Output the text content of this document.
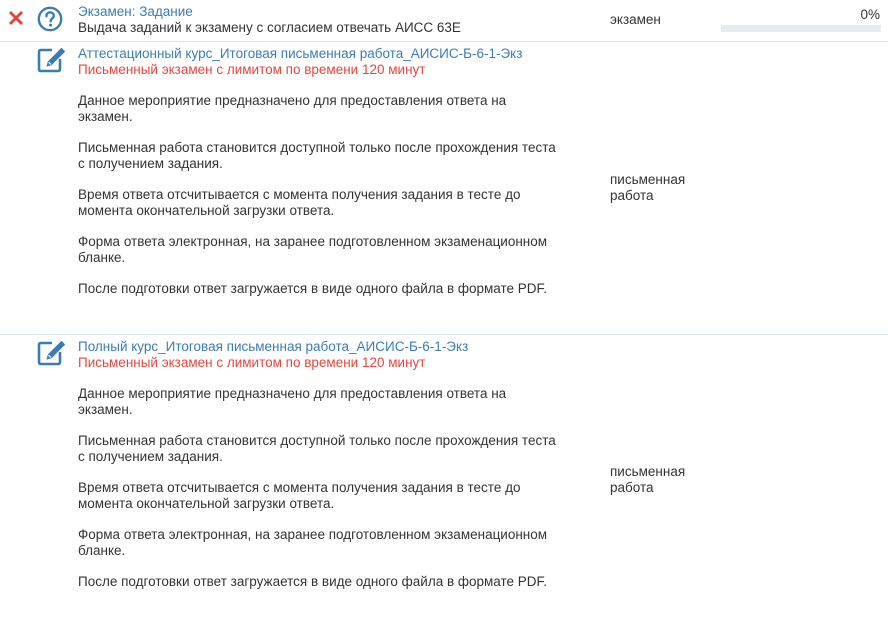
Экзамен: Задание
Выдача заданий к экзамену с согласием отвечать АИСС 63Е
экзамен	0%
Аттестационный курс_Итоговая письменная работа_АИСИС-Б-6-1-Экз
Письменный экзамен с лимитом по времени 120 минут

Данное мероприятие предназначено для предоставления ответа на экзамен.

Письменная работа становится доступной только после прохождения теста с получением задания.

Время ответа отсчитывается с момента получения задания в тесте до момента окончательной загрузки ответа.

Форма ответа электронная, на заранее подготовленном экзаменационном бланке.

После подготовки ответ загружается в виде одного файла в формате PDF.

письменная работа
Полный курс_Итоговая письменная работа_АИСИС-Б-6-1-Экз
Письменный экзамен с лимитом по времени 120 минут

Данное мероприятие предназначено для предоставления ответа на экзамен.

Письменная работа становится доступной только после прохождения теста с получением задания.

Время ответа отсчитывается с момента получения задания в тесте до момента окончательной загрузки ответа.

Форма ответа электронная, на заранее подготовленном экзаменационном бланке.

После подготовки ответ загружается в виде одного файла в формате PDF.

письменная работа
